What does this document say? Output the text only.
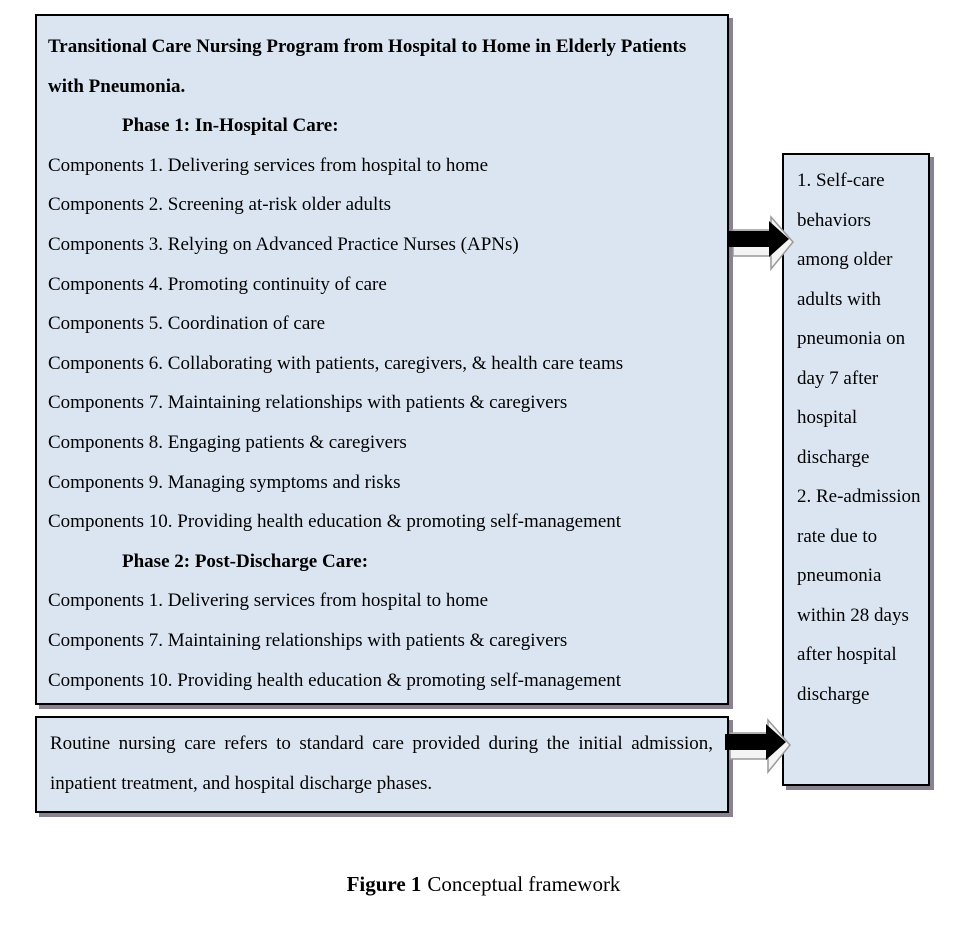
Transitional Care Nursing Program from Hospital to Home in Elderly Patients with Pneumonia.
Phase 1: In-Hospital Care:
Components 1. Delivering services from hospital to home
Components 2. Screening at-risk older adults
Components 3. Relying on Advanced Practice Nurses (APNs)
Components 4. Promoting continuity of care
Components 5. Coordination of care
Components 6. Collaborating with patients, caregivers, & health care teams
Components 7. Maintaining relationships with patients & caregivers
Components 8. Engaging patients & caregivers
Components 9. Managing symptoms and risks
Components 10. Providing health education & promoting self-management
Phase 2: Post-Discharge Care:
Components 1. Delivering services from hospital to home
Components 7. Maintaining relationships with patients & caregivers
Components 10. Providing health education & promoting self-management
Routine nursing care refers to standard care provided during the initial admission, inpatient treatment, and hospital discharge phases.
1. Self-care behaviors among older adults with pneumonia on day 7 after hospital discharge
2. Re-admission rate due to pneumonia within 28 days after hospital discharge
Figure 1 Conceptual framework
